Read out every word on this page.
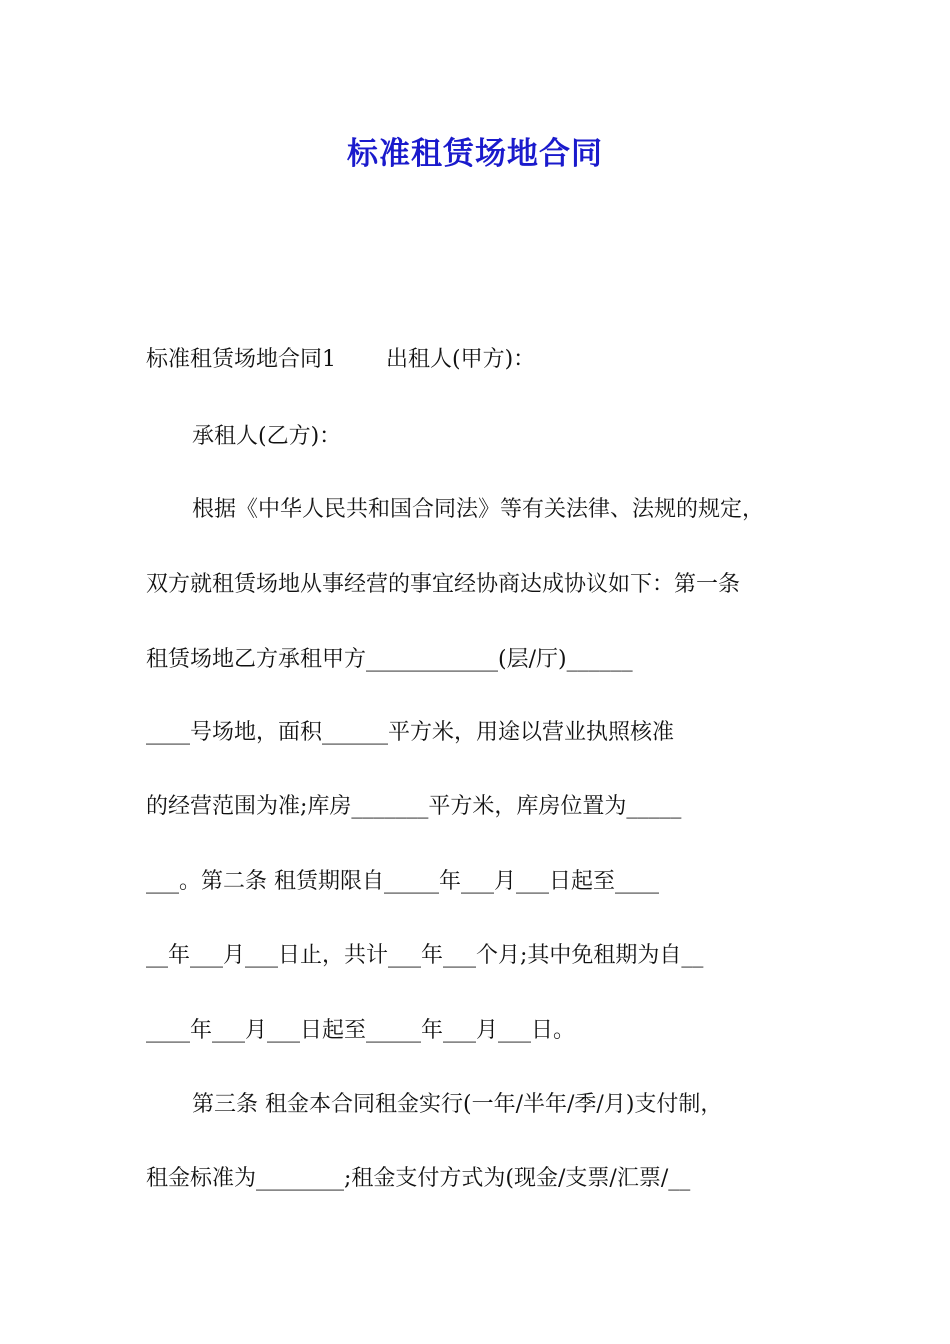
标准租赁场地合同
标准租赁场地合同1 出租人(甲方)：
承租人(乙方)：
根据《中华人民共和国合同法》等有关法律、法规的规定，
双方就租赁场地从事经营的事宜经协商达成协议如下：第一条
租赁场地乙方承租甲方____________(层/厅)______
____号场地，面积______平方米，用途以营业执照核准
的经营范围为准;库房_______平方米，库房位置为_____
___。第二条 租赁期限自_____年___月___日起至____
__年___月___日止，共计___年___个月;其中免租期为自__
____年___月___日起至_____年___月___日。
第三条 租金本合同租金实行(一年/半年/季/月)支付制，
租金标准为________;租金支付方式为(现金/支票/汇票/__
